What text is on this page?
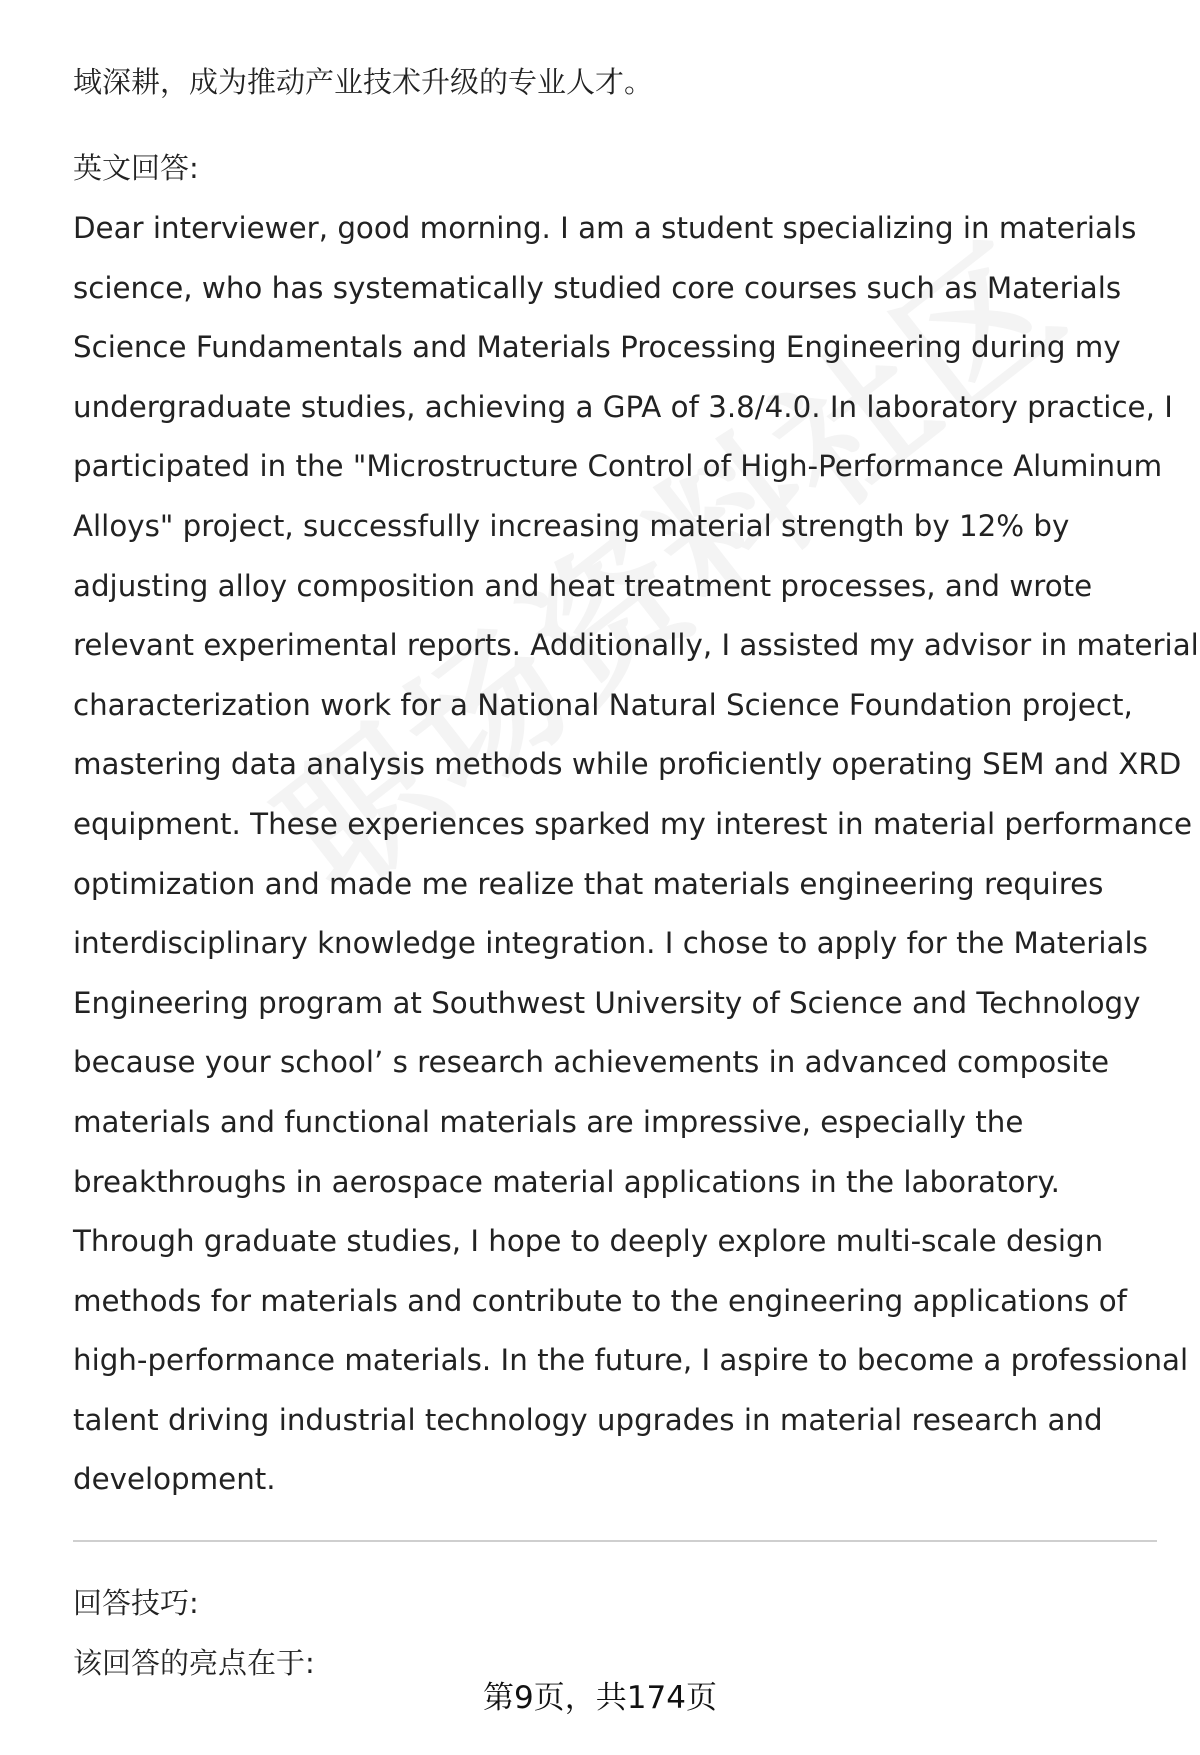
域深耕，成为推动产业技术升级的专业人才。
英文回答:
Dear interviewer, good morning. I am a student specializing in materials
science, who has systematically studied core courses such as Materials
Science Fundamentals and Materials Processing Engineering during my
undergraduate studies, achieving a GPA of 3.8/4.0. In laboratory practice, I
participated in the "Microstructure Control of High-Performance Aluminum
Alloys" project, successfully increasing material strength by 12% by
adjusting alloy composition and heat treatment processes, and wrote
relevant experimental reports. Additionally, I assisted my advisor in material
characterization work for a National Natural Science Foundation project,
mastering data analysis methods while proficiently operating SEM and XRD
equipment. These experiences sparked my interest in material performance
optimization and made me realize that materials engineering requires
interdisciplinary knowledge integration. I chose to apply for the Materials
Engineering program at Southwest University of Science and Technology
because your school’ s research achievements in advanced composite
materials and functional materials are impressive, especially the
breakthroughs in aerospace material applications in the laboratory.
Through graduate studies, I hope to deeply explore multi-scale design
methods for materials and contribute to the engineering applications of
high-performance materials. In the future, I aspire to become a professional
talent driving industrial technology upgrades in material research and
development.
回答技巧:
该回答的亮点在于:
第9页，共174页
